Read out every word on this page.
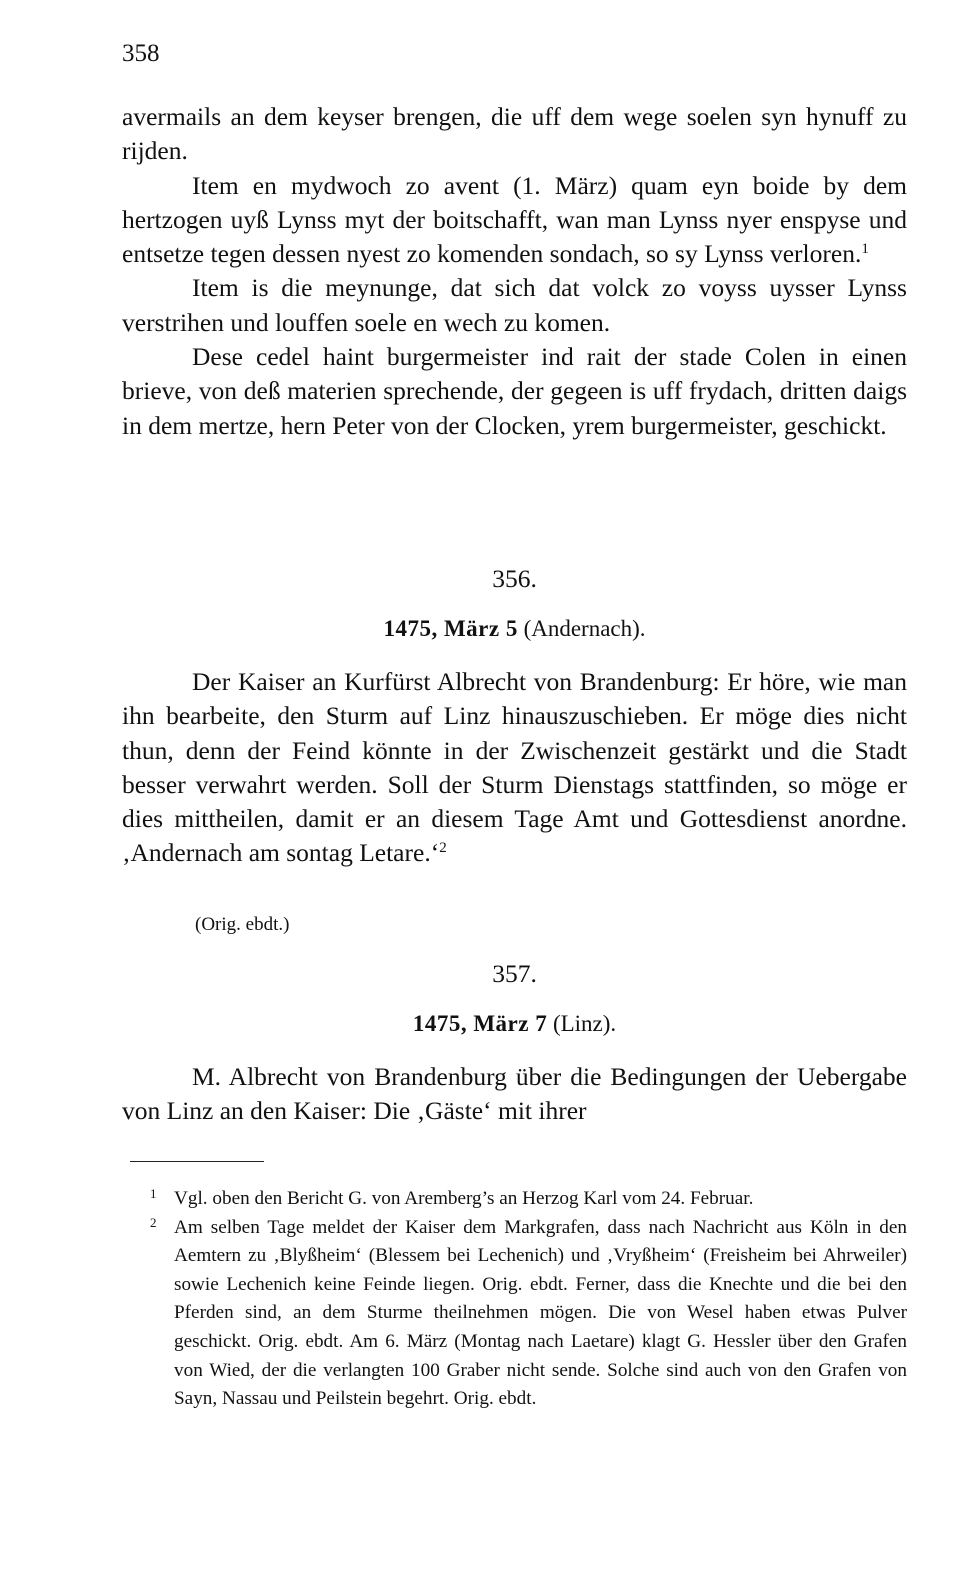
358

avermails an dem keyser brengen, die uff dem wege soelen syn hynuff zu rijden.

Item en mydwoch zo avent (1. März) quam eyn boide by dem hertzogen uyß Lynss myt der boitschafft, wan man Lynss nyer enspyse und entsetze tegen dessen nyest zo komenden sondach, so sy Lynss verloren.$^1$

Item is die meynunge, dat sich dat volck zo voyss uysser Lynss verstrihen und louffen soele en wech zu komen.

Dese cedel haint burgermeister ind rait der stade Colen in einen brieve, von deß materien sprechende, der gegeen is uff frydach, dritten daigs in dem mertze, hern Peter von der Clocken, yrem burgermeister, geschickt.

356.
1475, März 5 (Andernach).

Der Kaiser an Kurfürst Albrecht von Brandenburg: Er höre, wie man ihn bearbeite, den Sturm auf Linz hinauszuschieben. Er möge dies nicht thun, denn der Feind könnte in der Zwischenzeit gestärkt und die Stadt besser verwahrt werden. Soll der Sturm Dienstags stattfinden, so möge er dies mittheilen, damit er an diesem Tage Amt und Gottesdienst anordne. ‚Andernach am sontag Letare.‘$^2$

(Orig. ebdt.)
357.
1475, März 7 (Linz).

M. Albrecht von Brandenburg über die Bedingungen der Uebergabe von Linz an den Kaiser: Die ‚Gäste‘ mit ihrer

1 Vgl. oben den Bericht G. von Aremberg’s an Herzog Karl vom 24. Februar.

2 Am selben Tage meldet der Kaiser dem Markgrafen, dass nach Nachricht aus Köln in den Aemtern zu ‚Blyßheim‘ (Blessem bei Lechenich) und ‚Vryßheim‘ (Freisheim bei Ahrweiler) sowie Lechenich keine Feinde liegen. Orig. ebdt. Ferner, dass die Knechte und die bei den Pferden sind, an dem Sturme theilnehmen mögen. Die von Wesel haben etwas Pulver geschickt. Orig. ebdt. Am 6. März (Montag nach Laetare) klagt G. Hessler über den Grafen von Wied, der die verlangten 100 Graber nicht sende. Solche sind auch von den Grafen von Sayn, Nassau und Peilstein begehrt. Orig. ebdt.
